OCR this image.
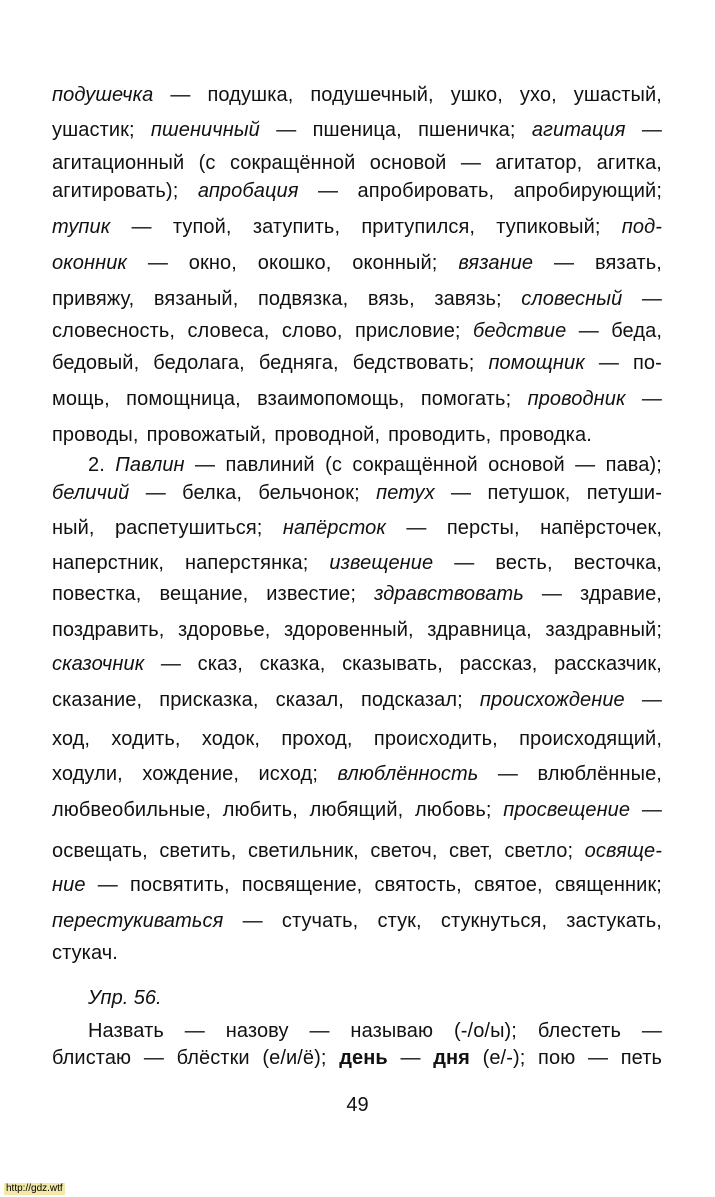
подушечка — подушка, подушечный, ушко, ухо, ушастый,
ушастик; пшеничный — пшеница, пшеничка; агитация —
агитационный (с сокращённой основой — агитатор, агитка,
агитировать); апробация — апробировать, апробирующий;
тупик — тупой, затупить, притупился, тупиковый; под-
оконник — окно, окошко, оконный; вязание — вязать,
привяжу, вязаный, подвязка, вязь, завязь; словесный —
словесность, словеса, слово, присловие; бедствие — беда,
бедовый, бедолага, бедняга, бедствовать; помощник — по-
мощь, помощница, взаимопомощь, помогать; проводник —
проводы, провожатый, проводной, проводить, проводка.
2. Павлин — павлиний (с сокращённой основой — пава);
беличий — белка, бельчонок; петух — петушок, петуши-
ный, распетушиться; напёрсток — персты, напёрсточек,
наперстник, наперстянка; извещение — весть, весточка,
повестка, вещание, известие; здравствовать — здравие,
поздравить, здоровье, здоровенный, здравница, заздравный;
сказочник — сказ, сказка, сказывать, рассказ, рассказчик,
сказание, присказка, сказал, подсказал; происхождение —
ход, ходить, ходок, проход, происходить, происходящий,
ходули, хождение, исход; влюблённость — влюблённые,
любвеобильные, любить, любящий, любовь; просвещение —
освещать, светить, светильник, светоч, свет, светло; освяще-
ние — посвятить, посвящение, святость, святое, священник;
перестукиваться — стучать, стук, стукнуться, застукать,
стукач.
Назвать — назову — называю (-/о/ы); блестеть —
блистаю — блёстки (е/и/ё); день — дня (е/-); пою — петь
Упр. 56.
49
http://gdz.wtf
